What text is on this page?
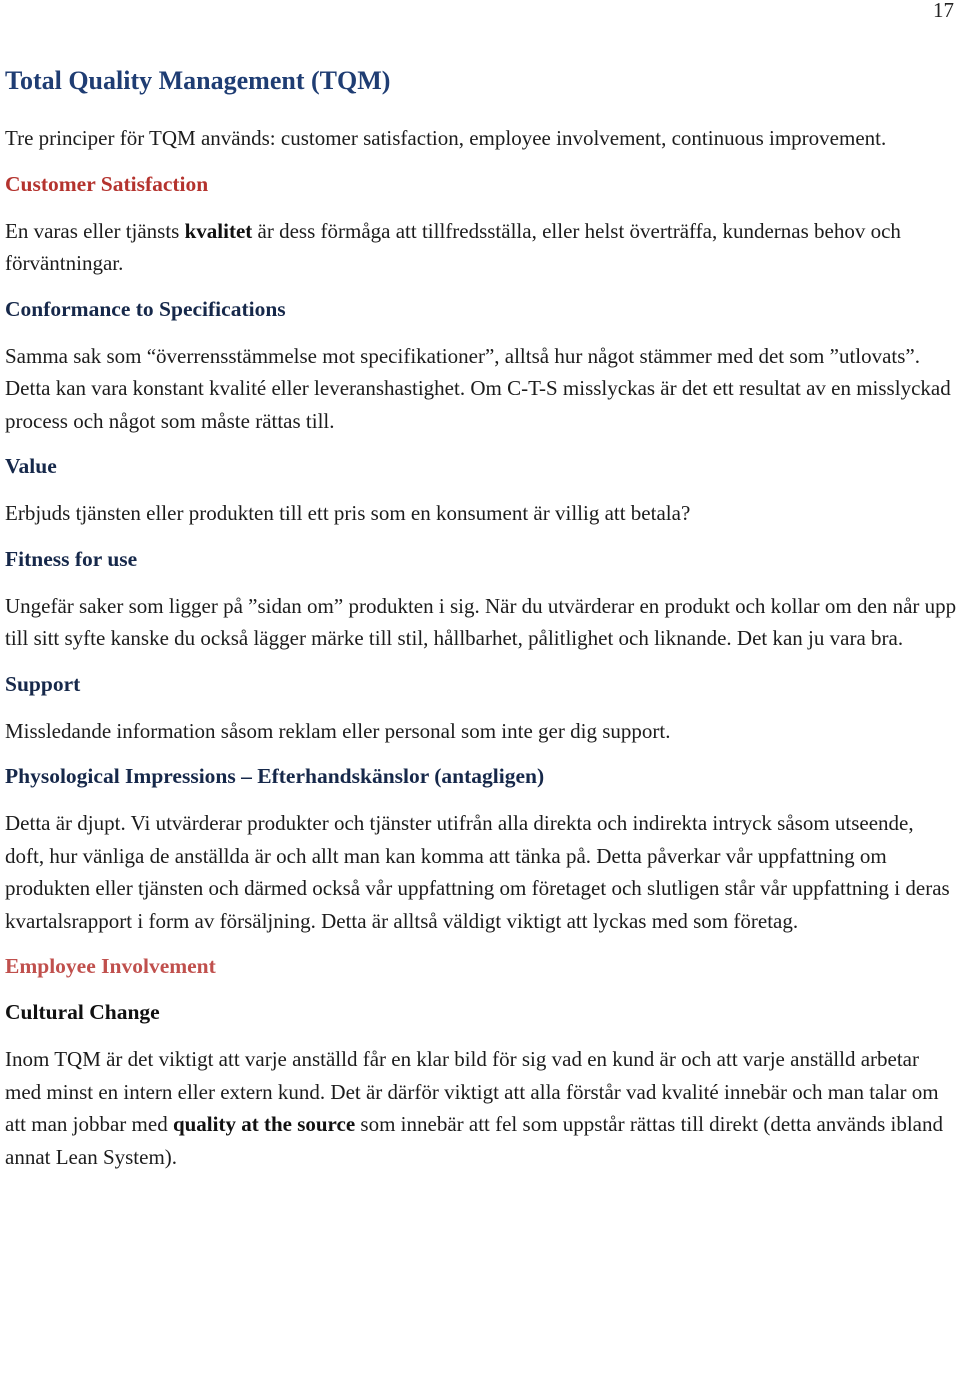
17
Total Quality Management (TQM)

Tre principer för TQM används: customer satisfaction, employee involvement, continuous improvement.

Customer Satisfaction

En varas eller tjänsts kvalitet är dess förmåga att tillfredsställa, eller helst överträffa, kundernas behov och förväntningar.

Conformance to Specifications

Samma sak som “överrensstämmelse mot specifikationer”, alltså hur något stämmer med det som ”utlovats”. Detta kan vara konstant kvalité eller leveranshastighet. Om C-T-S misslyckas är det ett resultat av en misslyckad process och något som måste rättas till.

Value

Erbjuds tjänsten eller produkten till ett pris som en konsument är villig att betala?

Fitness for use

Ungefär saker som ligger på ”sidan om” produkten i sig. När du utvärderar en produkt och kollar om den når upp till sitt syfte kanske du också lägger märke till stil, hållbarhet, pålitlighet och liknande. Det kan ju vara bra.

Support

Missledande information såsom reklam eller personal som inte ger dig support.

Physological Impressions – Efterhandskänslor (antagligen)

Detta är djupt. Vi utvärderar produkter och tjänster utifrån alla direkta och indirekta intryck såsom utseende, doft, hur vänliga de anställda är och allt man kan komma att tänka på. Detta påverkar vår uppfattning om produkten eller tjänsten och därmed också vår uppfattning om företaget och slutligen står vår uppfattning i deras kvartalsrapport i form av försäljning. Detta är alltså väldigt viktigt att lyckas med som företag.

Employee Involvement
Cultural Change

Inom TQM är det viktigt att varje anställd får en klar bild för sig vad en kund är och att varje anställd arbetar med minst en intern eller extern kund. Det är därför viktigt att alla förstår vad kvalité innebär och man talar om att man jobbar med quality at the source som innebär att fel som uppstår rättas till direkt (detta används ibland annat Lean System).
